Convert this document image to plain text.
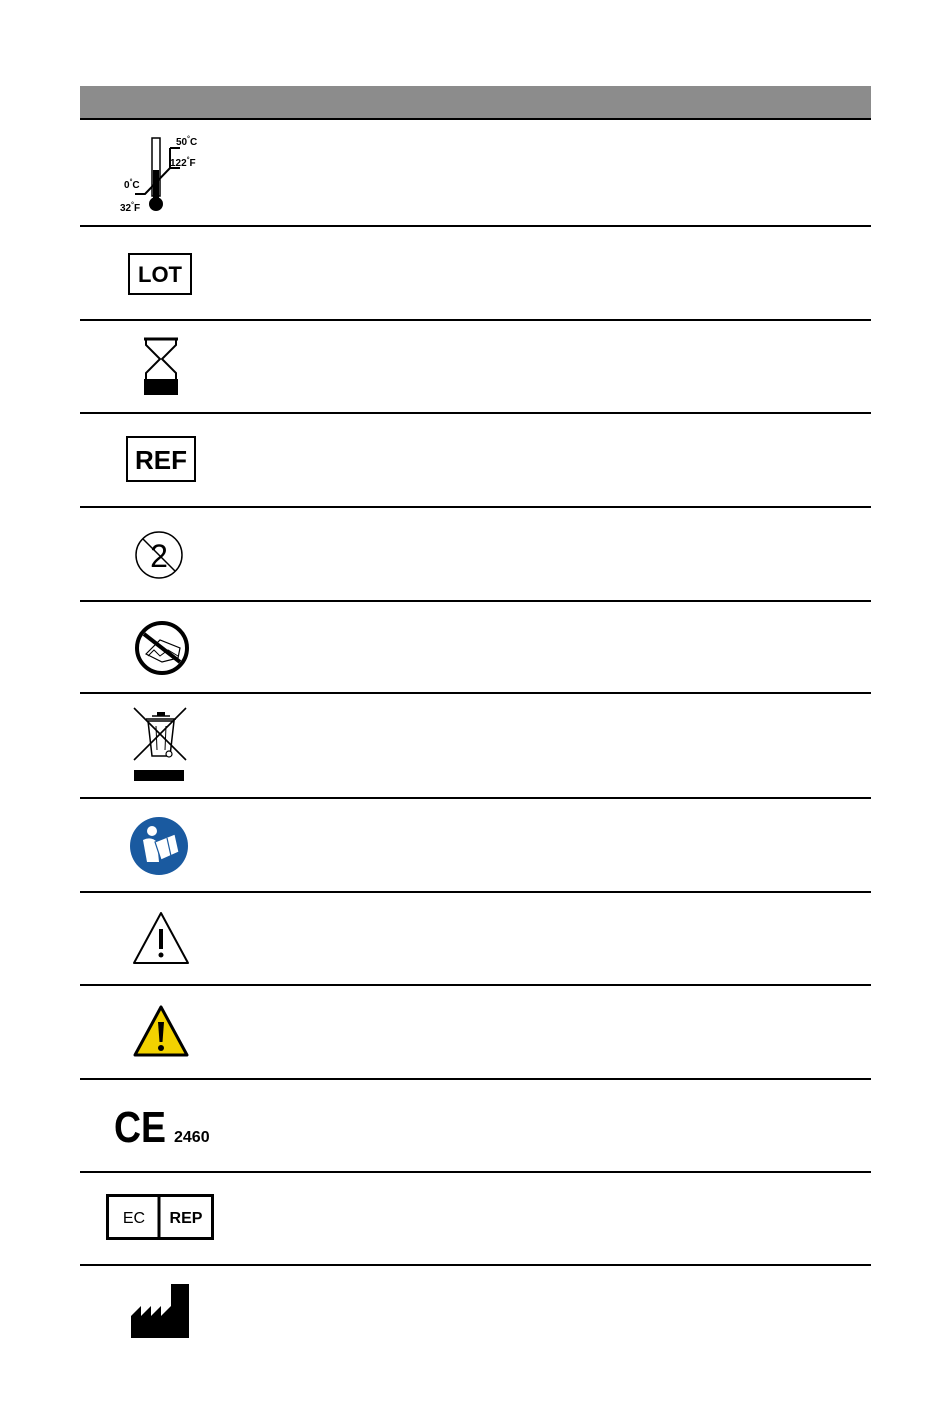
50°C
122°F
0°C
32°F
LOT
REF
2
CE 2460
EC REP
